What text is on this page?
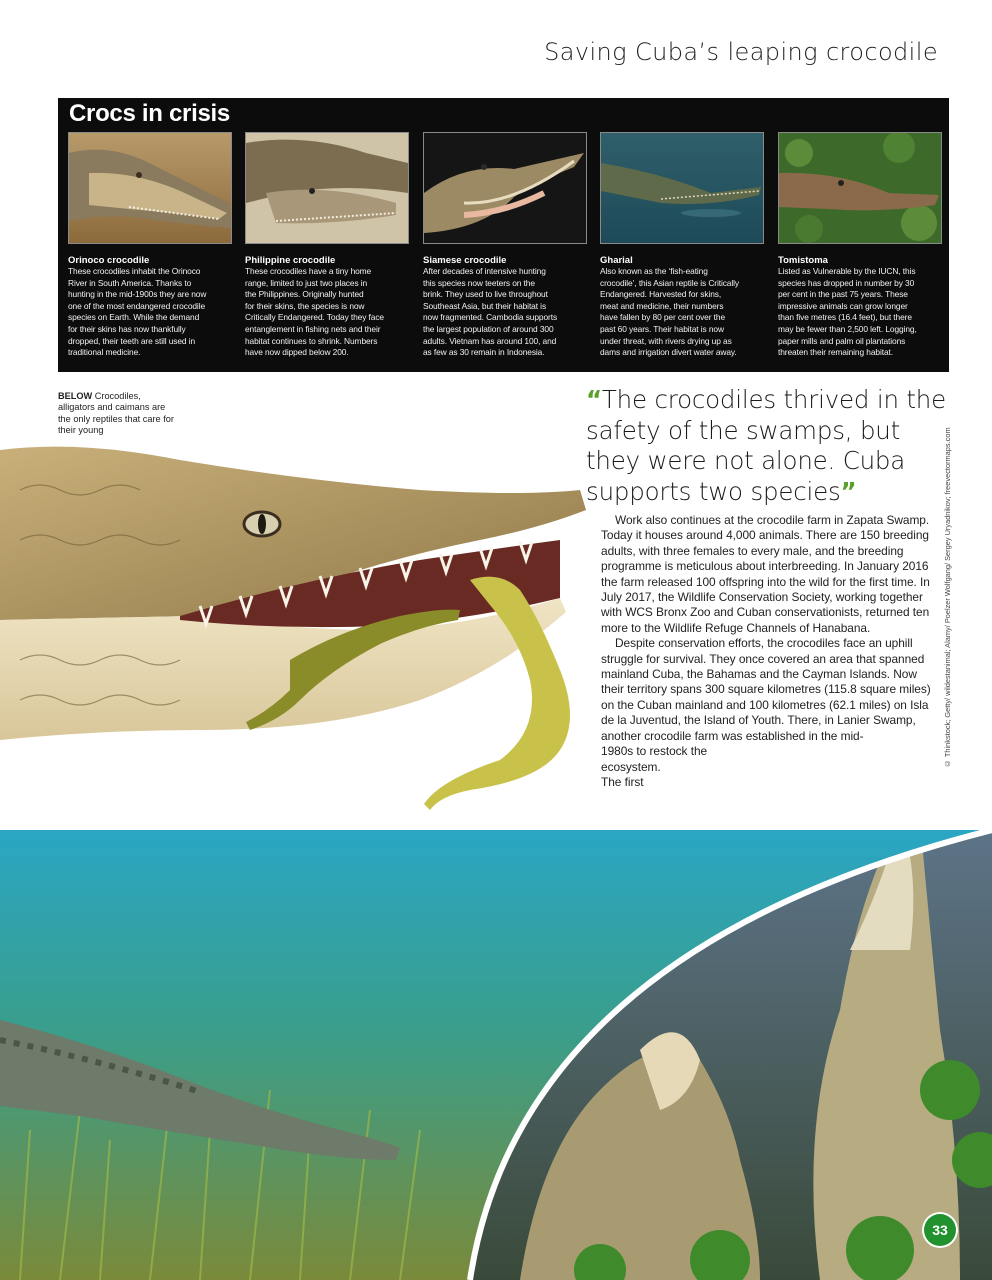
Saving Cuba’s leaping crocodile
Crocs in crisis
Orinoco crocodile
These crocodiles inhabit the Orinoco
River in South America. Thanks to
hunting in the mid-1900s they are now
one of the most endangered crocodile
species on Earth. While the demand
for their skins has now thankfully
dropped, their teeth are still used in
traditional medicine.
Philippine crocodile
These crocodiles have a tiny home
range, limited to just two places in
the Philippines. Originally hunted
for their skins, the species is now
Critically Endangered. Today they face
entanglement in fishing nets and their
habitat continues to shrink. Numbers
have now dipped below 200.
Siamese crocodile
After decades of intensive hunting
this species now teeters on the
brink. They used to live throughout
Southeast Asia, but their habitat is
now fragmented. Cambodia supports
the largest population of around 300
adults. Vietnam has around 100, and
as few as 30 remain in Indonesia.
Gharial
Also known as the ‘fish-eating
crocodile’, this Asian reptile is Critically
Endangered. Harvested for skins,
meat and medicine, their numbers
have fallen by 80 per cent over the
past 60 years. Their habitat is now
under threat, with rivers drying up as
dams and irrigation divert water away.
Tomistoma
Listed as Vulnerable by the IUCN, this
species has dropped in number by 30
per cent in the past 75 years. These
impressive animals can grow longer
than five metres (16.4 feet), but there
may be fewer than 2,500 left. Logging,
paper mills and palm oil plantations
threaten their remaining habitat.
BELOW Crocodiles, alligators and caimans are the only reptiles that care for their young
“The crocodiles thrived in the safety of the swamps, but they were not alone. Cuba supports two species”

Work also continues at the crocodile farm in Zapata Swamp. Today it houses around 4,000 animals. There are 150 breeding adults, with three females to every male, and the breeding programme is meticulous about interbreeding. In January 2016 the farm released 100 offspring into the wild for the first time. In July 2017, the Wildlife Conservation Society, working together with WCS Bronx Zoo and Cuban conservationists, returned ten more to the Wildlife Refuge Channels of Hanabana.

Despite conservation efforts, the crocodiles face an uphill struggle for survival. They once covered an area that spanned mainland Cuba, the Bahamas and the Cayman Islands. Now their territory spans 300 square kilometres (115.8 square miles) on the Cuban mainland and 100 kilometres (62.1 miles) on Isla de la Juventud, the Island of Youth. There, in Lanier Swamp, another crocodile farm was established in the mid-
1980s to restock the
ecosystem.
The first

© Thinkstock; Getty/ wildestanimal; Alamy/ Poelzer Wolfgang/ Sergey Uryadnikov; freevectormaps.com
33
